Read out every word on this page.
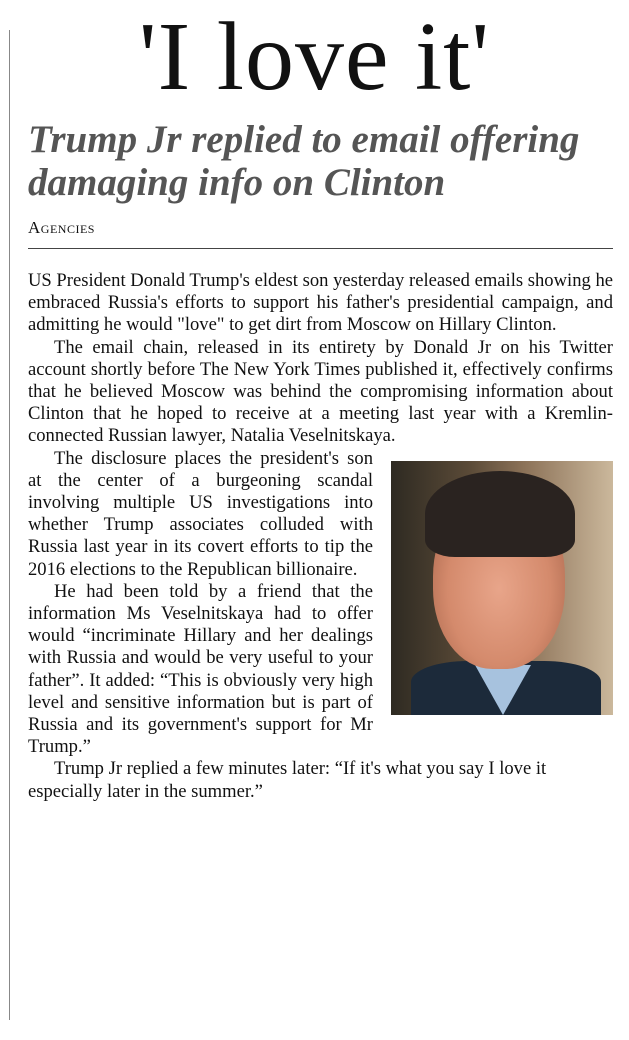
'I love it'
Trump Jr replied to email offering damaging info on Clinton
Agencies

US President Donald Trump's eldest son yesterday released emails showing he embraced Russia's efforts to support his father's presidential campaign, and admitting he would "love" to get dirt from Moscow on Hillary Clinton.

The email chain, released in its entirety by Donald Jr on his Twitter account shortly before The New York Times published it, effectively confirms that he believed Moscow was behind the compromising information about Clinton that he hoped to receive at a meeting last year with a Kremlin-connected Russian lawyer, Natalia Veselnitskaya.

The disclosure places the president's son at the center of a burgeoning scandal involving multiple US investigations into whether Trump associates colluded with Russia last year in its covert efforts to tip the 2016 elections to the Republican billionaire.

He had been told by a friend that the information Ms Veselnitskaya had to offer would “incriminate Hillary and her dealings with Russia and would be very useful to your father”. It added: “This is obviously very high level and sensitive information but is part of Russia and its government's support for Mr Trump.”

Trump Jr replied a few minutes later: “If it's what you say I love it especially later in the summer.”
